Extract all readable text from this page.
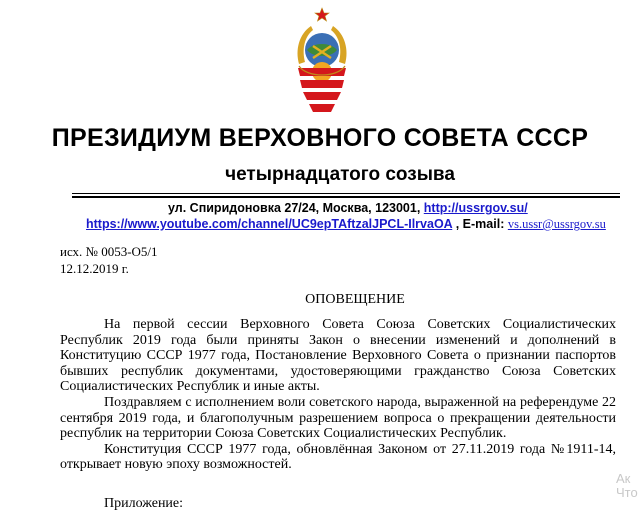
ПРЕЗИДИУМ ВЕРХОВНОГО СОВЕТА СССР
четырнадцатого созыва
ул. Спиридоновка 27/24, Москва, 123001, http://ussrgov.su/
https://www.youtube.com/channel/UC9epTAftzalJPCL-IlrvaOA , E-mail: vs.ussr@ussrgov.su
исх. № 0053-О5/1
12.12.2019 г.
ОПОВЕЩЕНИЕ

На первой сессии Верховного Совета Союза Советских Социалистических Республик 2019 года были приняты Закон о внесении изменений и дополнений в Конституцию СССР 1977 года, Постановление Верховного Совета о признании паспортов бывших республик документами, удостоверяющими гражданство Союза Советских Социалистических Республик и иные акты.

Поздравляем с исполнением воли советского народа, выраженной на референдуме 22 сентября 2019 года, и благополучным разрешением вопроса о прекращении деятельности республик на территории Союза Советских Социалистических Республик.

Конституция СССР 1977 года, обновлённая Законом от 27.11.2019 года №1911-14, открывает новую эпоху возможностей.

Приложение:
Ак
Что
